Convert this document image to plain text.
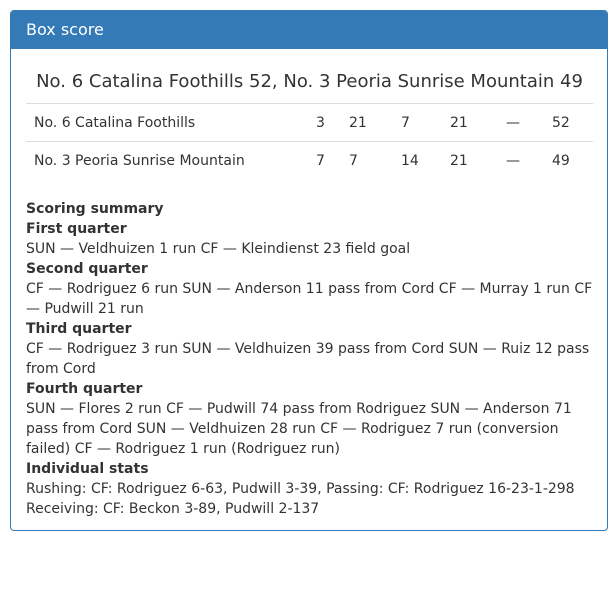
Box score
No. 6 Catalina Foothills 52, No. 3 Peoria Sunrise Mountain 49
No. 6 Catalina Foothills	3	21	7	21	—	52
No. 3 Peoria Sunrise Mountain	7	7	14	21	—	49
Scoring summary
First quarter
SUN — Veldhuizen 1 run CF — Kleindienst 23 field goal
Second quarter
CF — Rodriguez 6 run SUN — Anderson 11 pass from Cord CF — Murray 1 run CF — Pudwill 21 run
Third quarter
CF — Rodriguez 3 run SUN — Veldhuizen 39 pass from Cord SUN — Ruiz 12 pass from Cord
Fourth quarter
SUN — Flores 2 run CF — Pudwill 74 pass from Rodriguez SUN — Anderson 71 pass from Cord SUN — Veldhuizen 28 run CF — Rodriguez 7 run (conversion failed) CF — Rodriguez 1 run (Rodriguez run)
Individual stats
Rushing: CF: Rodriguez 6-63, Pudwill 3-39, Passing: CF: Rodriguez 16-23-1-298 Receiving: CF: Beckon 3-89, Pudwill 2-137
